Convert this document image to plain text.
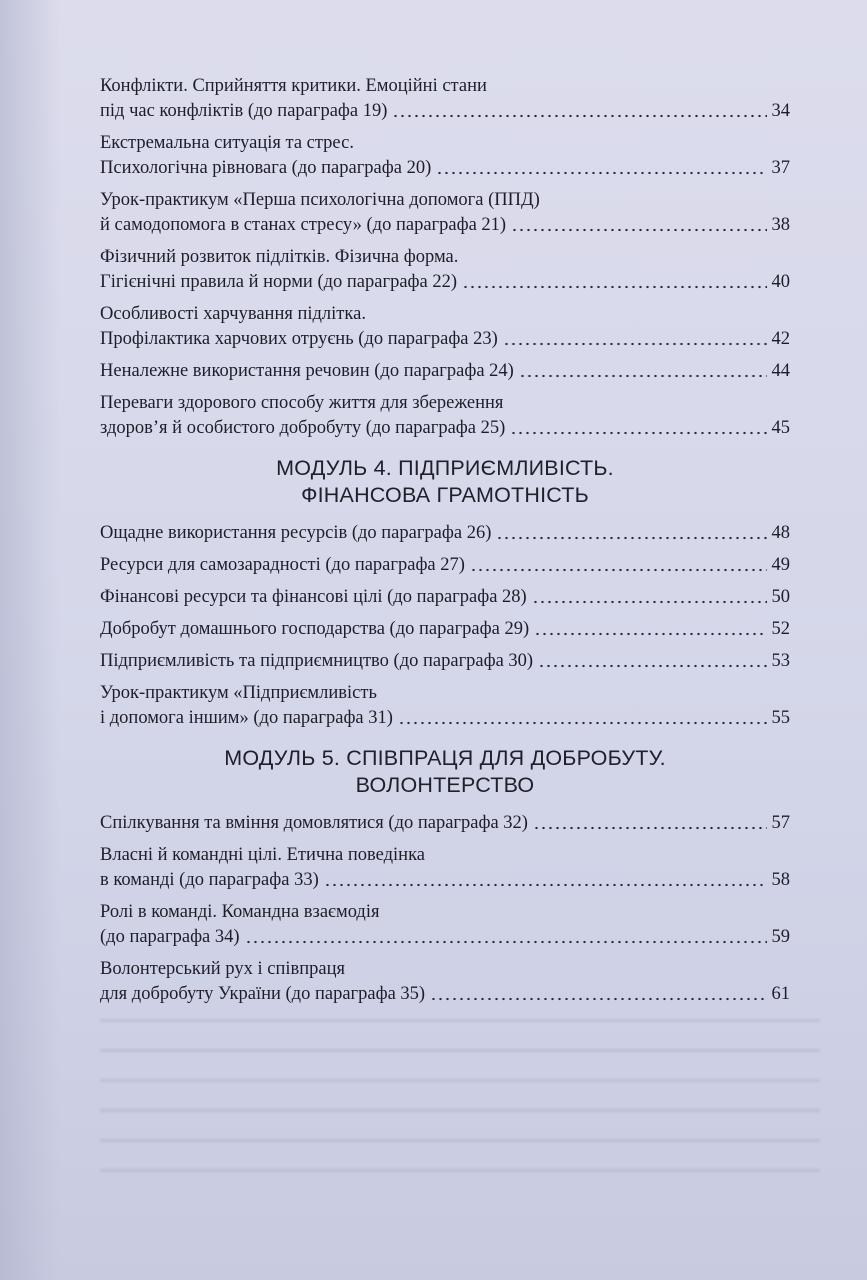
Конфлікти. Сприйняття критики. Емоційні стани
під час конфліктів (до параграфа 19)	34
Екстремальна ситуація та стрес.
Психологічна рівновага (до параграфа 20)	37
Урок-практикум «Перша психологічна допомога (ППД)
й самодопомога в станах стресу» (до параграфа 21)	38
Фізичний розвиток підлітків. Фізична форма.
Гігієнічні правила й норми (до параграфа 22)	40
Особливості харчування підлітка.
Профілактика харчових отруєнь (до параграфа 23)	42
Неналежне використання речовин (до параграфа 24)	44
Переваги здорового способу життя для збереження
здоров’я й особистого добробуту (до параграфа 25)	45
МОДУЛЬ 4. ПІДПРИЄМЛИВІСТЬ.
ФІНАНСОВА ГРАМОТНІСТЬ
Ощадне використання ресурсів (до параграфа 26)	48
Ресурси для самозарадності (до параграфа 27)	49
Фінансові ресурси та фінансові цілі (до параграфа 28)	50
Добробут домашнього господарства (до параграфа 29)	52
Підприємливість та підприємництво (до параграфа 30)	53
Урок-практикум «Підприємливість
і допомога іншим» (до параграфа 31)	55
МОДУЛЬ 5. СПІВПРАЦЯ ДЛЯ ДОБРОБУТУ.
ВОЛОНТЕРСТВО
Спілкування та вміння домовлятися (до параграфа 32)	57
Власні й командні цілі. Етична поведінка
в команді (до параграфа 33)	58
Ролі в команді. Командна взаємодія
(до параграфа 34)	59
Волонтерський рух і співпраця
для добробуту України (до параграфа 35)	61
